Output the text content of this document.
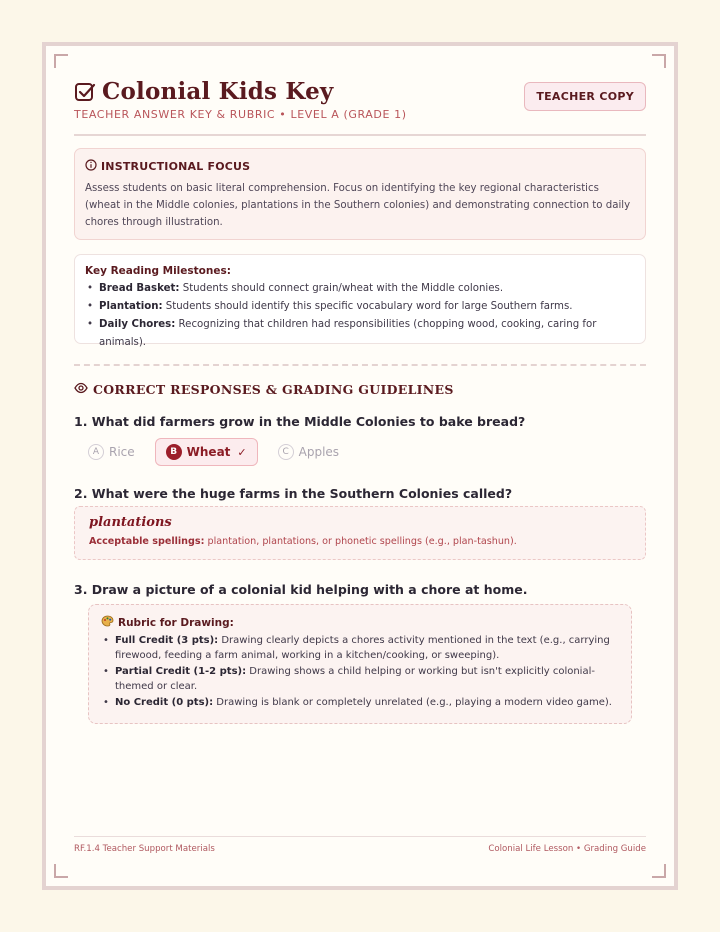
Colonial Kids Key
TEACHER ANSWER KEY & RUBRIC • LEVEL A (GRADE 1)
TEACHER COPY
INSTRUCTIONAL FOCUS
Assess students on basic literal comprehension. Focus on identifying the key regional characteristics (wheat in the Middle colonies, plantations in the Southern colonies) and demonstrating connection to daily chores through illustration.
Key Reading Milestones:
• Bread Basket: Students should connect grain/wheat with the Middle colonies.
• Plantation: Students should identify this specific vocabulary word for large Southern farms.
• Daily Chores: Recognizing that children had responsibilities (chopping wood, cooking, caring for animals).
CORRECT RESPONSES & GRADING GUIDELINES
1. What did farmers grow in the Middle Colonies to bake bread?
A Rice	B Wheat ✓	C Apples
2. What were the huge farms in the Southern Colonies called?
plantations
Acceptable spellings: plantation, plantations, or phonetic spellings (e.g., plan-tashun).
3. Draw a picture of a colonial kid helping with a chore at home.
Rubric for Drawing:
• Full Credit (3 pts): Drawing clearly depicts a chores activity mentioned in the text (e.g., carrying firewood, feeding a farm animal, working in a kitchen/cooking, or sweeping).
• Partial Credit (1-2 pts): Drawing shows a child helping or working but isn't explicitly colonial-themed or clear.
• No Credit (0 pts): Drawing is blank or completely unrelated (e.g., playing a modern video game).
RF.1.4 Teacher Support Materials	Colonial Life Lesson • Grading Guide
